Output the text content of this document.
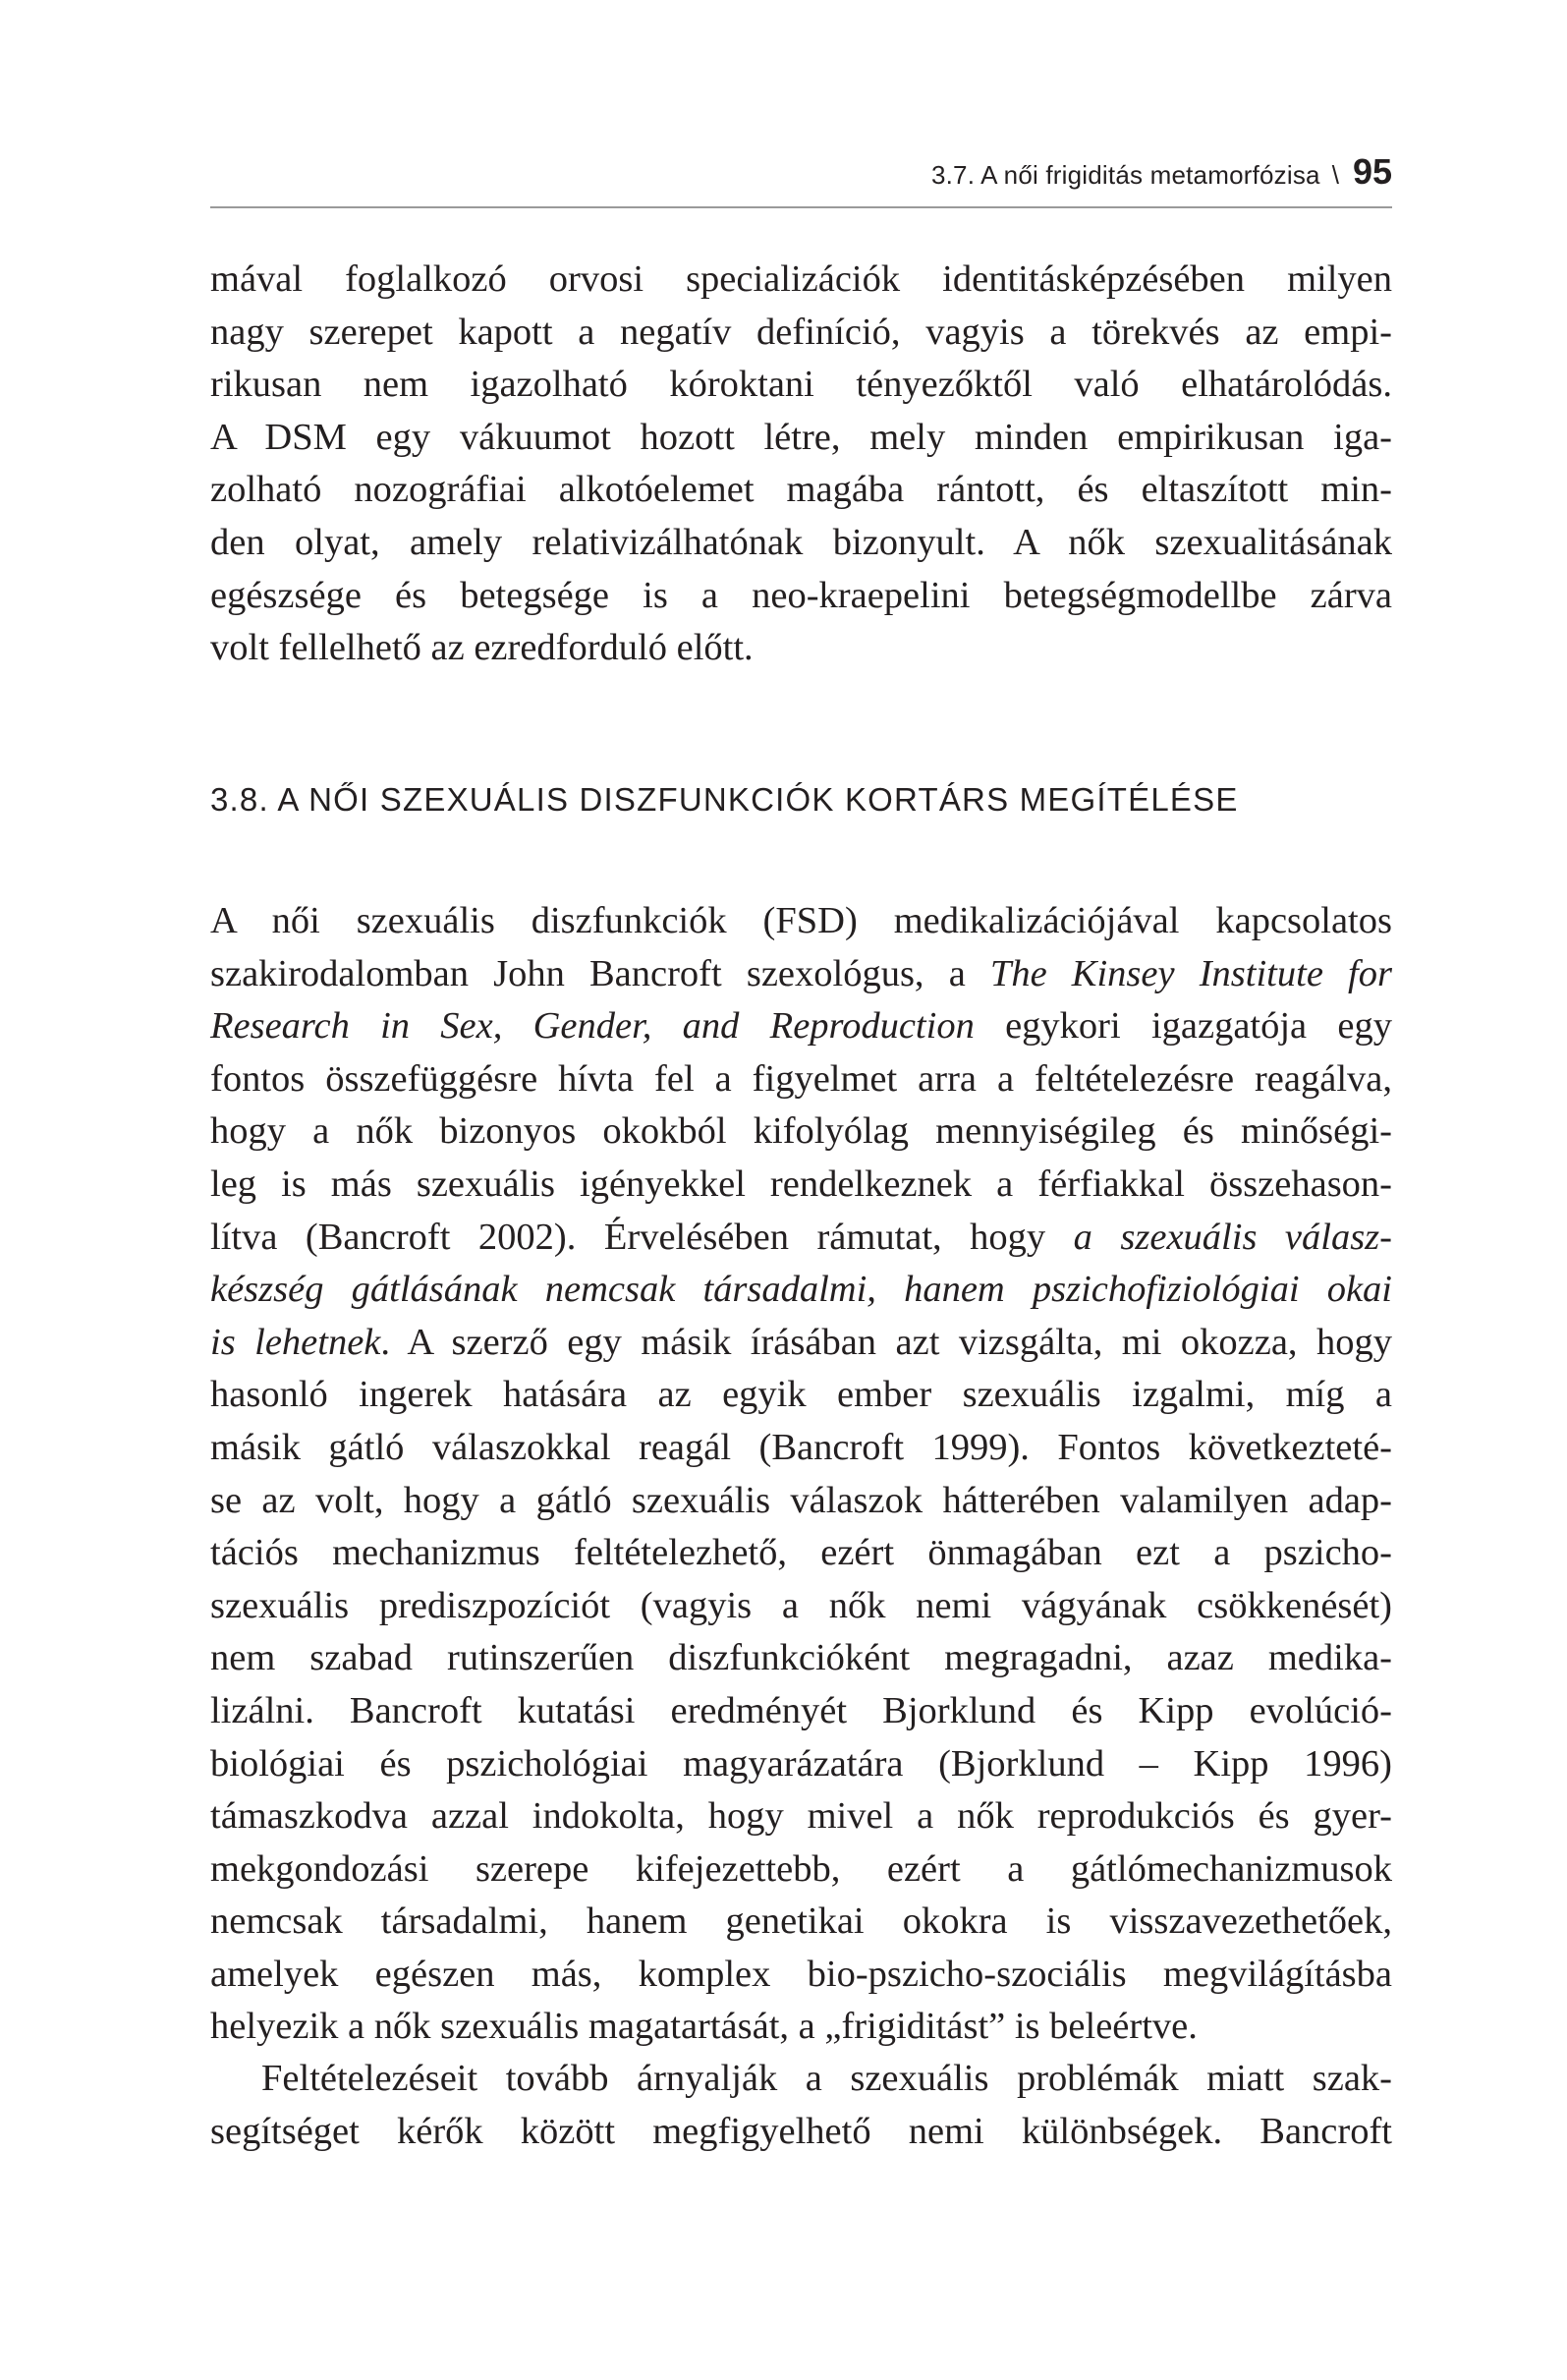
3.7. A női frigiditás metamorfózisa \ 95
mával foglalkozó orvosi specializációk identitásképzésében milyen
nagy szerepet kapott a negatív definíció, vagyis a törekvés az empi-
rikusan nem igazolható kóroktani tényezőktől való elhatárolódás.
A DSM egy vákuumot hozott létre, mely minden empirikusan iga-
zolható nozográfiai alkotóelemet magába rántott, és eltaszított min-
den olyat, amely relativizálhatónak bizonyult. A nők szexualitásának
egészsége és betegsége is a neo-kraepelini betegségmodellbe zárva
volt fellelhető az ezredforduló előtt.
3.8. A NŐI SZEXUÁLIS DISZFUNKCIÓK KORTÁRS MEGÍTÉLÉSE
A női szexuális diszfunkciók (FSD) medikalizációjával kapcsolatos
szakirodalomban John Bancroft szexológus, a The Kinsey Institute for
Research in Sex, Gender, and Reproduction egykori igazgatója egy
fontos összefüggésre hívta fel a figyelmet arra a feltételezésre reagálva,
hogy a nők bizonyos okokból kifolyólag mennyiségileg és minőségi-
leg is más szexuális igényekkel rendelkeznek a férfiakkal összehason-
lítva (Bancroft 2002). Érvelésében rámutat, hogy a szexuális válasz-
készség gátlásának nemcsak társadalmi, hanem pszichofiziológiai okai
is lehetnek. A szerző egy másik írásában azt vizsgálta, mi okozza, hogy
hasonló ingerek hatására az egyik ember szexuális izgalmi, míg a
másik gátló válaszokkal reagál (Bancroft 1999). Fontos következteté-
se az volt, hogy a gátló szexuális válaszok hátterében valamilyen adap-
tációs mechanizmus feltételezhető, ezért önmagában ezt a pszicho-
szexuális prediszpozíciót (vagyis a nők nemi vágyának csökkenését)
nem szabad rutinszerűen diszfunkcióként megragadni, azaz medika-
lizálni. Bancroft kutatási eredményét Bjorklund és Kipp evolúció-
biológiai és pszichológiai magyarázatára (Bjorklund – Kipp 1996)
támaszkodva azzal indokolta, hogy mivel a nők reprodukciós és gyer-
mekgondozási szerepe kifejezettebb, ezért a gátlómechanizmusok
nemcsak társadalmi, hanem genetikai okokra is visszavezethetőek,
amelyek egészen más, komplex bio-pszicho-szociális megvilágításba
helyezik a nők szexuális magatartását, a „frigiditást” is beleértve.
Feltételezéseit tovább árnyalják a szexuális problémák miatt szak-
segítséget kérők között megfigyelhető nemi különbségek. Bancroft
